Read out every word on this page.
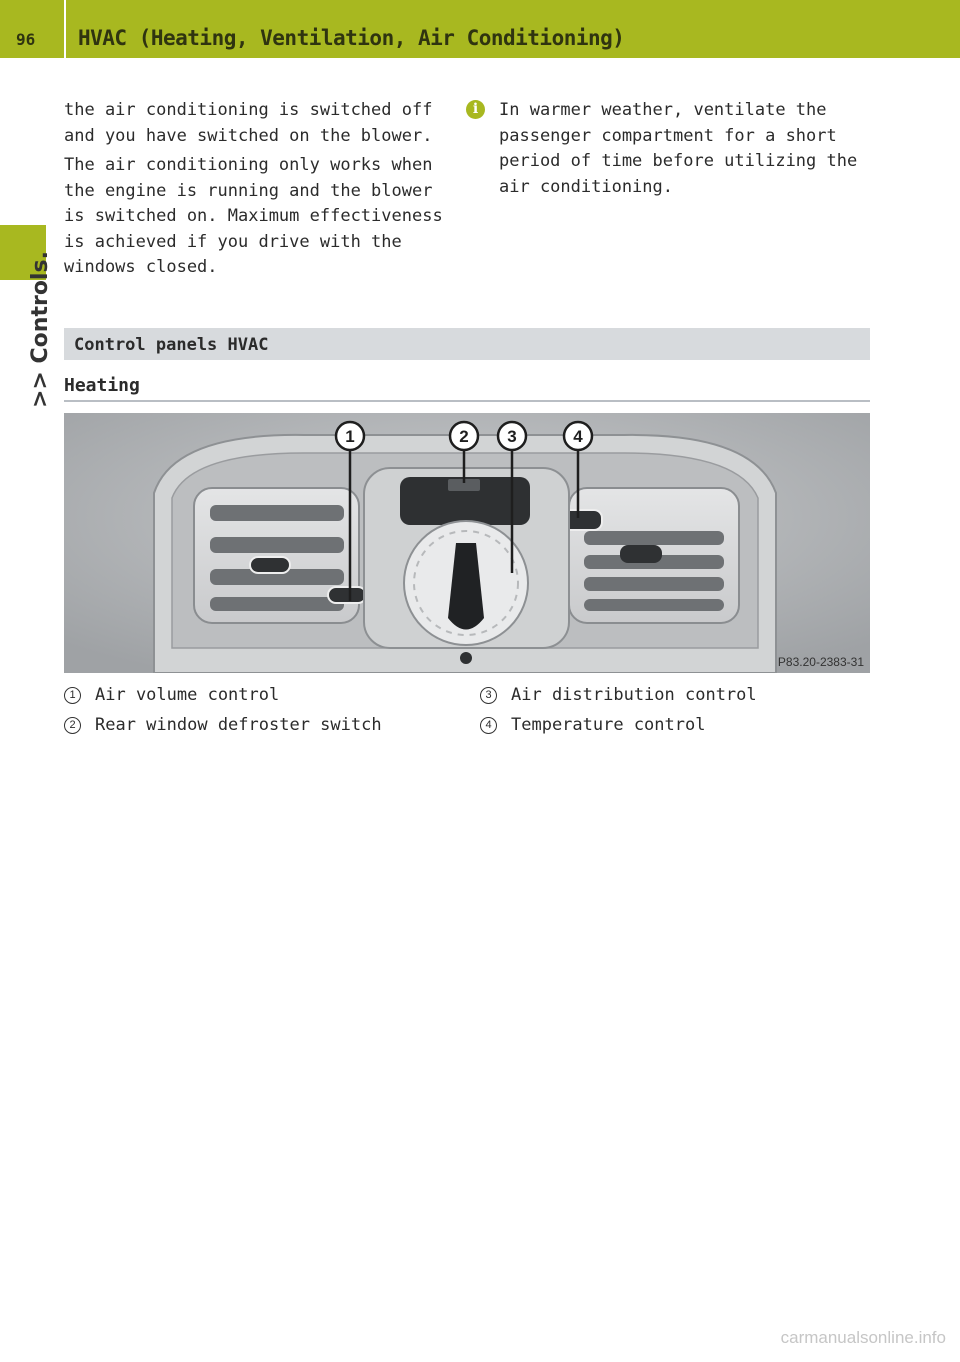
96 HVAC (Heating, Ventilation, Air Conditioning)
>> Controls.

the air conditioning is switched off and you have switched on the blower.

The air conditioning only works when the engine is running and the blower is switched on. Maximum effectiveness is achieved if you drive with the windows closed.

i	In warmer weather, ventilate the passenger compartment for a short period of time before utilizing the air conditioning.
Control panels HVAC
Heating
1	2 3	4
P83.20-2383-31
1 Air volume control
2 Rear window defroster switch
3 Air distribution control
4 Temperature control
carmanualsonline.info
